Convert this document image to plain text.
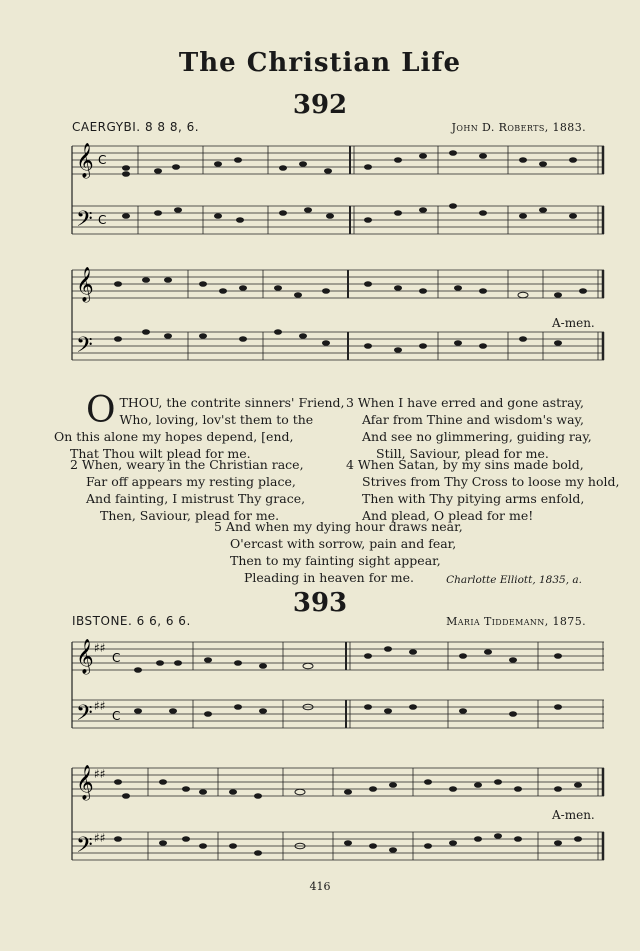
The Christian Life
392
CAERGYBI. 8 8 8, 6.	John D. Roberts, 1883.
𝄞
𝄢
C
C
𝄞
𝄢
A-men.
O THOU, the contrite sinners' Friend,
Who, loving, lov'st them to the
On this alone my hopes depend, [end,
That Thou wilt plead for me.
3 When I have erred and gone astray,
Afar from Thine and wisdom's way,
And see no glimmering, guiding ray,
Still, Saviour, plead for me.
2 When, weary in the Christian race,
Far off appears my resting place,
And fainting, I mistrust Thy grace,
Then, Saviour, plead for me.
4 When Satan, by my sins made bold,
Strives from Thy Cross to loose my hold,
Then with Thy pitying arms enfold,
And plead, O plead for me!
5 And when my dying hour draws near,
O'ercast with sorrow, pain and fear,
Then to my fainting sight appear,
Pleading in heaven for me.	Charlotte Elliott, 1835, a.
393
IBSTONE. 6 6, 6 6.	Maria Tiddemann, 1875.
𝄞
𝄢
♯♯
♯♯
C
C
𝄞
𝄢
♯♯
♯♯
A-men.
416
